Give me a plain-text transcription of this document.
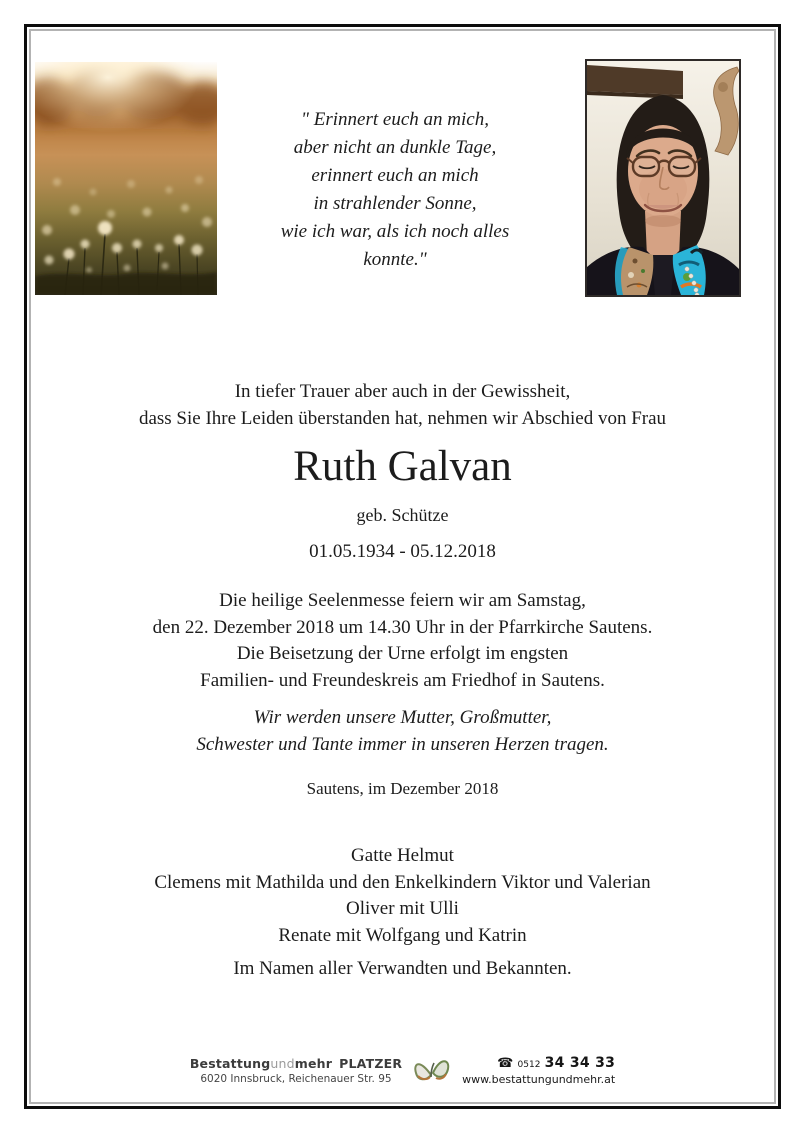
" Erinnert euch an mich,
aber nicht an dunkle Tage,
erinnert euch an mich
in strahlender Sonne,
wie ich war, als ich noch alles
konnte."
In tiefer Trauer aber auch in der Gewissheit,
dass Sie Ihre Leiden überstanden hat, nehmen wir Abschied von Frau
Ruth Galvan
geb. Schütze
01.05.1934 - 05.12.2018
Die heilige Seelenmesse feiern wir am Samstag,
den 22. Dezember 2018 um 14.30 Uhr in der Pfarrkirche Sautens.
Die Beisetzung der Urne erfolgt im engsten
Familien- und Freundeskreis am Friedhof in Sautens.
Wir werden unsere Mutter, Großmutter,
Schwester und Tante immer in unseren Herzen tragen.
Sautens, im Dezember 2018
Gatte Helmut
Clemens mit Mathilda und den Enkelkindern Viktor und Valerian
Oliver mit Ulli
Renate mit Wolfgang und Katrin
Im Namen aller Verwandten und Bekannten.
Bestattungundmehr PLATZER
6020 Innsbruck, Reichenauer Str. 95
☎ 0512 34 34 33
www.bestattungundmehr.at
